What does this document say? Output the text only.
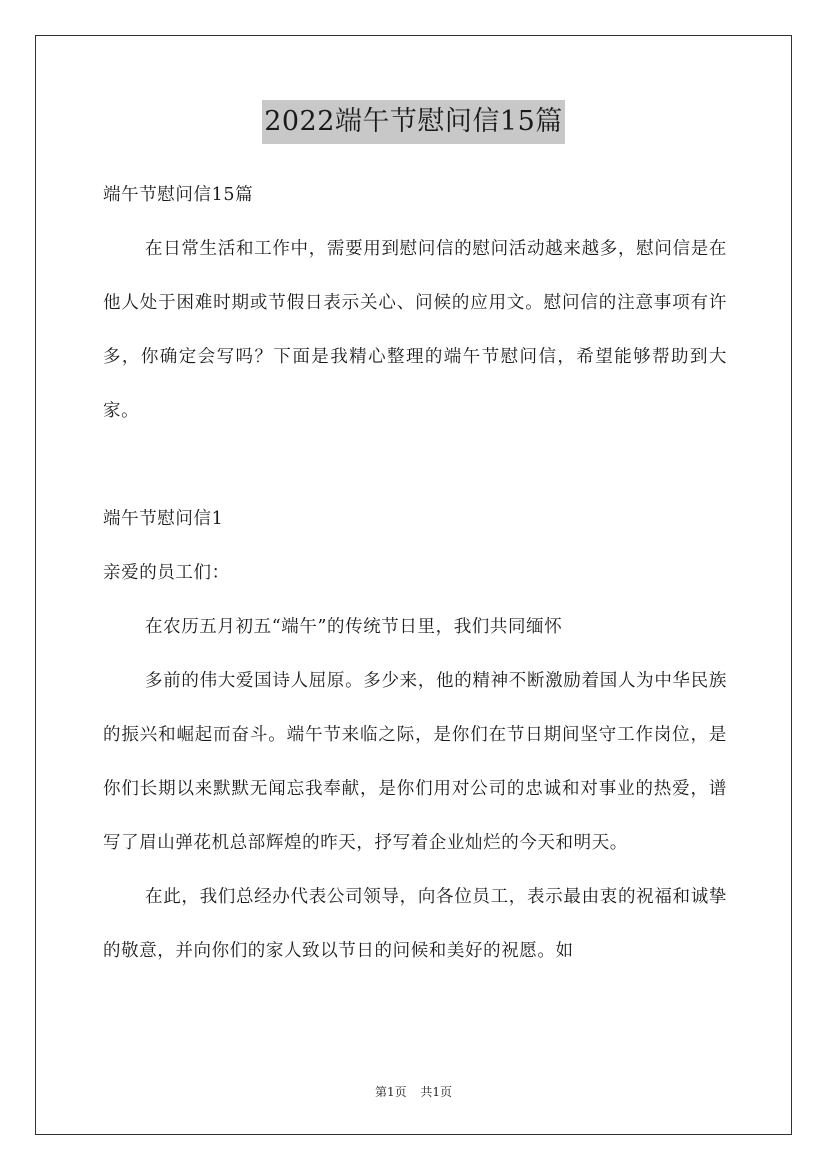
2022端午节慰问信15篇

端午节慰问信15篇

在日常生活和工作中，需要用到慰问信的慰问活动越来越多，慰问信是在他人处于困难时期或节假日表示关心、问候的应用文。慰问信的注意事项有许多，你确定会写吗？下面是我精心整理的端午节慰问信，希望能够帮助到大家。

端午节慰问信1

亲爱的员工们：

在农历五月初五“端午”的传统节日里，我们共同缅怀

多前的伟大爱国诗人屈原。多少来，他的精神不断激励着国人为中华民族的振兴和崛起而奋斗。端午节来临之际，是你们在节日期间坚守工作岗位，是你们长期以来默默无闻忘我奉献，是你们用对公司的忠诚和对事业的热爱，谱写了眉山弹花机总部辉煌的昨天，抒写着企业灿烂的今天和明天。

在此，我们总经办代表公司领导，向各位员工，表示最由衷的祝福和诚挚的敬意，并向你们的家人致以节日的问候和美好的祝愿。如

第1页 共1页
